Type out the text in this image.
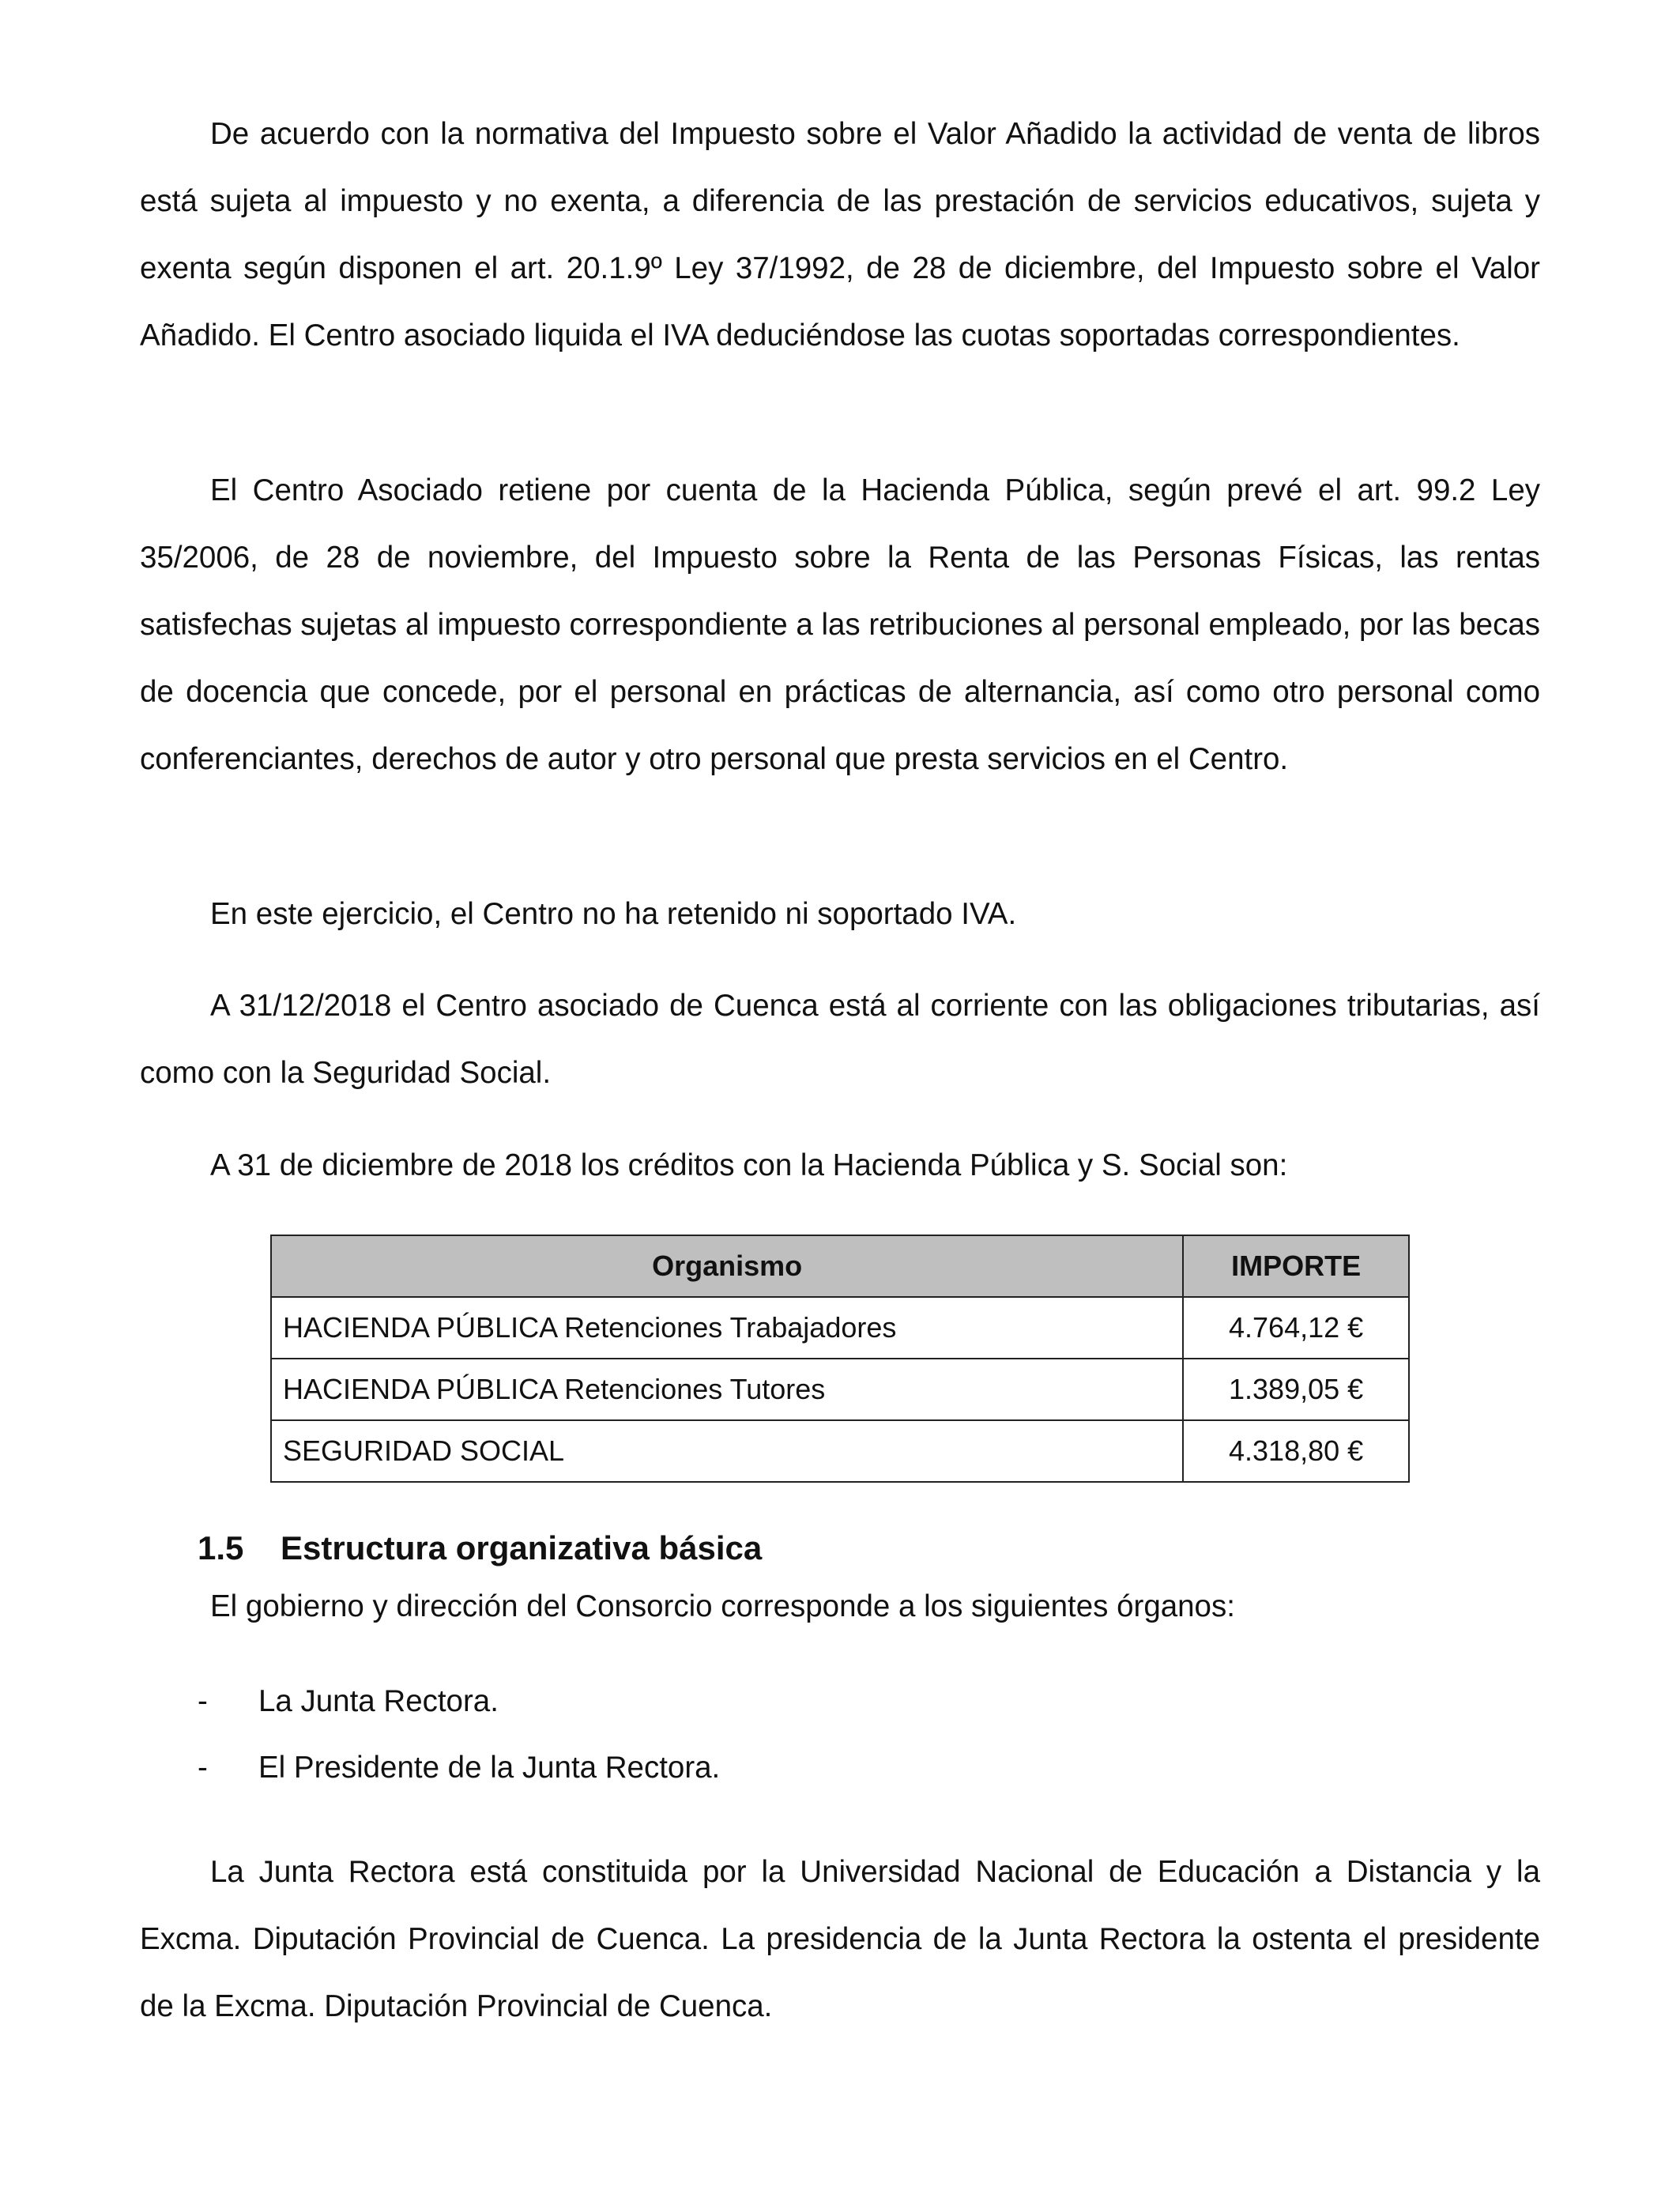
De acuerdo con la normativa del Impuesto sobre el Valor Añadido la actividad de venta de libros está sujeta al impuesto y no exenta, a diferencia de las prestación de servicios educativos, sujeta y exenta según disponen el art. 20.1.9º Ley 37/1992, de 28 de diciembre, del Impuesto sobre el Valor Añadido. El Centro asociado liquida el IVA deduciéndose las cuotas soportadas correspondientes.

El Centro Asociado retiene por cuenta de la Hacienda Pública, según prevé el art. 99.2 Ley 35/2006, de 28 de noviembre, del Impuesto sobre la Renta de las Personas Físicas, las rentas satisfechas sujetas al impuesto correspondiente a las retribuciones al personal empleado, por las becas de docencia que concede, por el personal en prácticas de alternancia, así como otro personal como conferenciantes, derechos de autor y otro personal que presta servicios en el Centro.

En este ejercicio, el Centro no ha retenido ni soportado IVA.

A 31/12/2018 el Centro asociado de Cuenca está al corriente con las obligaciones tributarias, así como con la Seguridad Social.

A 31 de diciembre de 2018 los créditos con la Hacienda Pública y S. Social son:

Organismo	IMPORTE
HACIENDA PÚBLICA Retenciones Trabajadores	4.764,12 €
HACIENDA PÚBLICA Retenciones Tutores	1.389,05 €
SEGURIDAD SOCIAL	4.318,80 €
1.5 Estructura organizativa básica

El gobierno y dirección del Consorcio corresponde a los siguientes órganos:

- La Junta Rectora.

- El Presidente de la Junta Rectora.

La Junta Rectora está constituida por la Universidad Nacional de Educación a Distancia y la Excma. Diputación Provincial de Cuenca. La presidencia de la Junta Rectora la ostenta el presidente de la Excma. Diputación Provincial de Cuenca.
